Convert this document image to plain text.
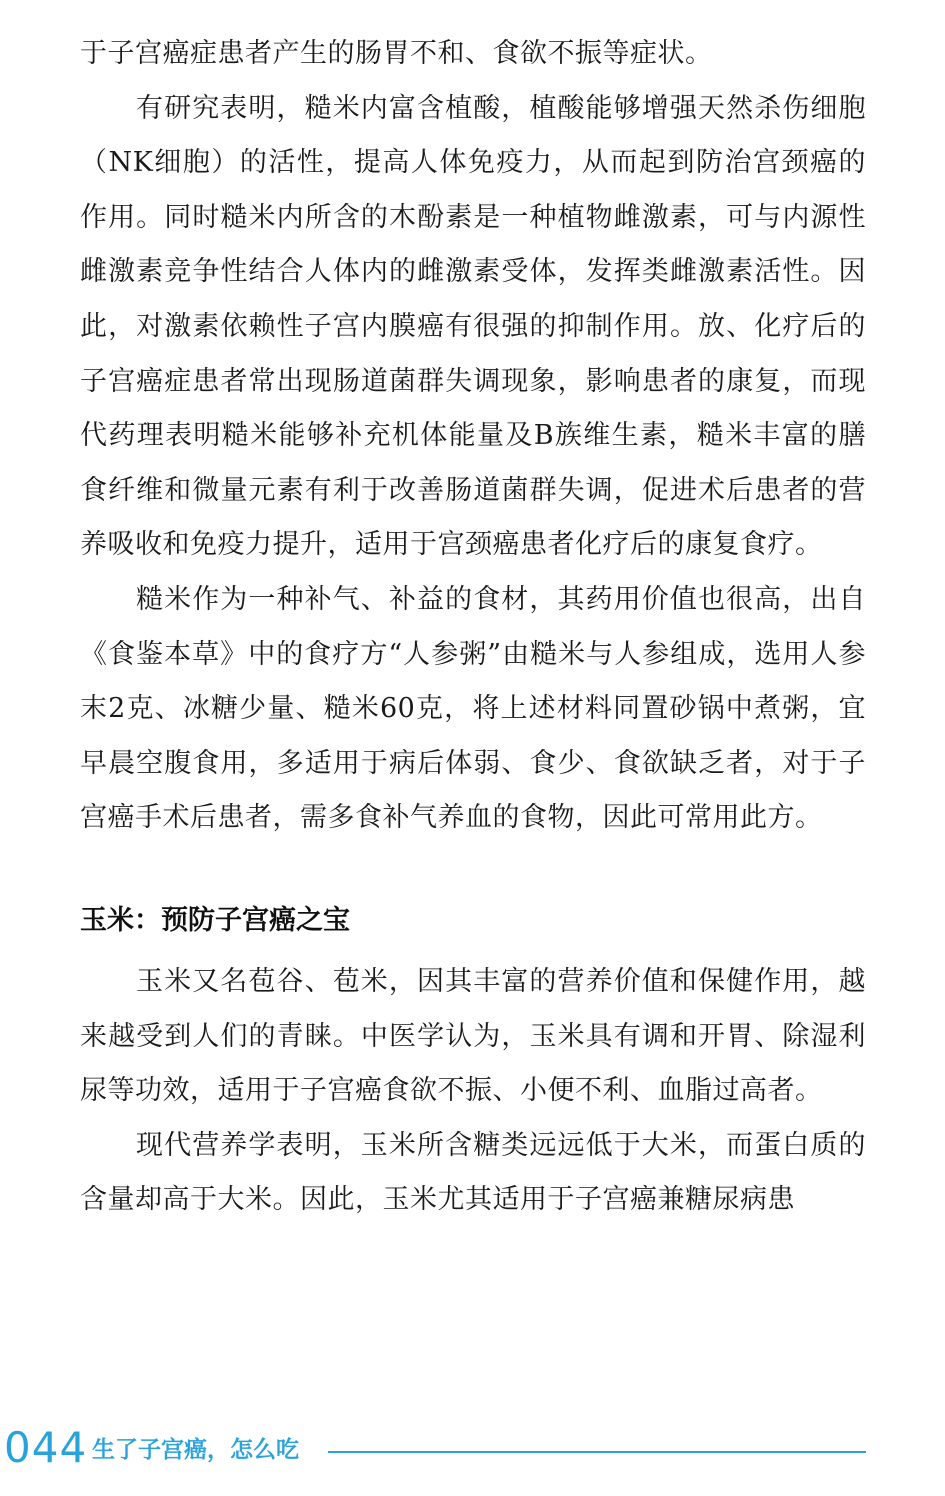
于子宫癌症患者产生的肠胃不和、食欲不振等症状。

有研究表明，糙米内富含植酸，植酸能够增强天然杀伤细胞（NK细胞）的活性，提高人体免疫力，从而起到防治宫颈癌的作用。同时糙米内所含的木酚素是一种植物雌激素，可与内源性雌激素竞争性结合人体内的雌激素受体，发挥类雌激素活性。因此，对激素依赖性子宫内膜癌有很强的抑制作用。放、化疗后的子宫癌症患者常出现肠道菌群失调现象，影响患者的康复，而现代药理表明糙米能够补充机体能量及B族维生素，糙米丰富的膳食纤维和微量元素有利于改善肠道菌群失调，促进术后患者的营养吸收和免疫力提升，适用于宫颈癌患者化疗后的康复食疗。

糙米作为一种补气、补益的食材，其药用价值也很高，出自《食鉴本草》中的食疗方“人参粥”由糙米与人参组成，选用人参末2克、冰糖少量、糙米60克，将上述材料同置砂锅中煮粥，宜早晨空腹食用，多适用于病后体弱、食少、食欲缺乏者，对于子宫癌手术后患者，需多食补气养血的食物，因此可常用此方。

玉米：预防子宫癌之宝

玉米又名苞谷、苞米，因其丰富的营养价值和保健作用，越来越受到人们的青睐。中医学认为，玉米具有调和开胃、除湿利尿等功效，适用于子宫癌食欲不振、小便不利、血脂过高者。

现代营养学表明，玉米所含糖类远远低于大米，而蛋白质的含量却高于大米。因此，玉米尤其适用于子宫癌兼糖尿病患

044 生了子宫癌，怎么吃
